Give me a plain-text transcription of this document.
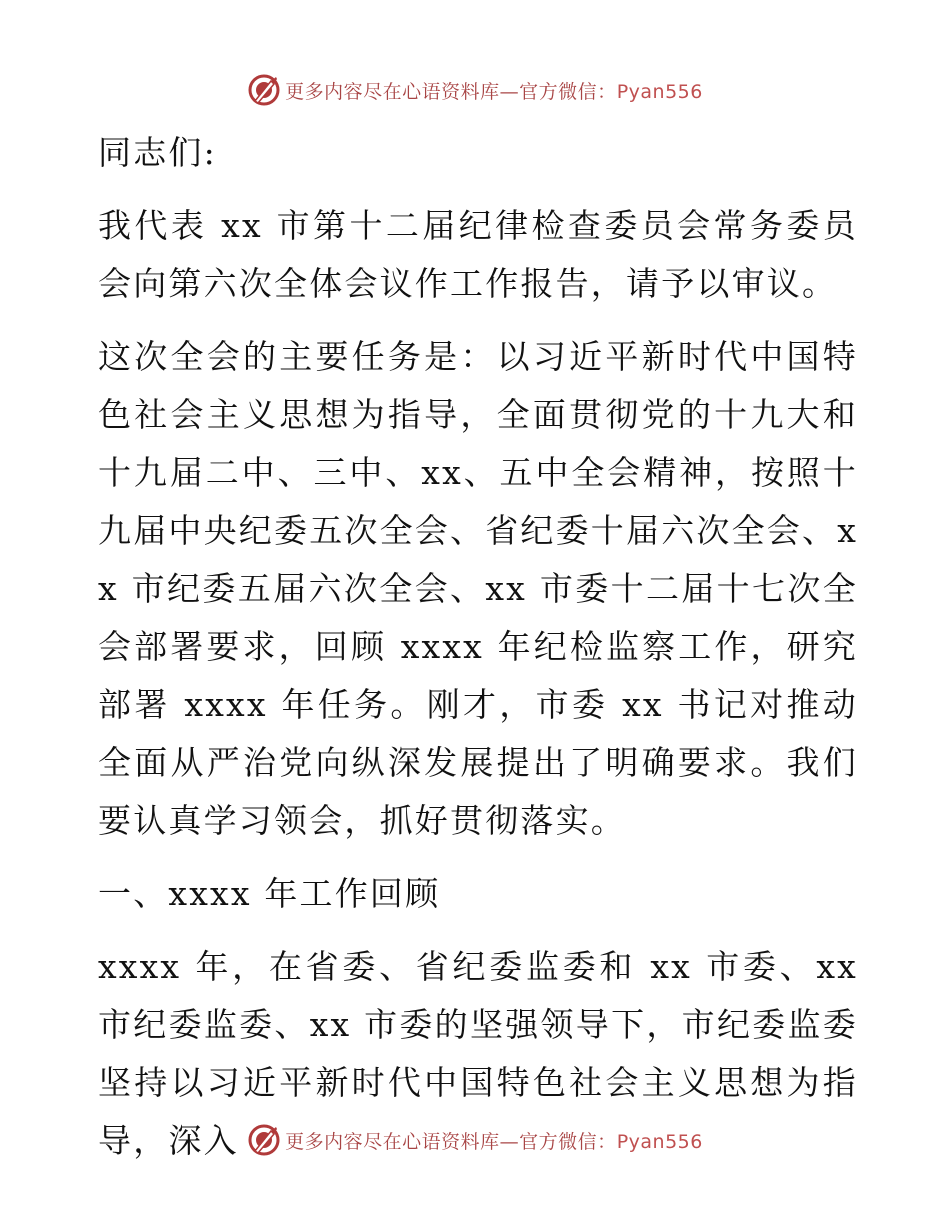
更多内容尽在心语资料库—官方微信：Pyan556

同志们:

我代表 xx 市第十二届纪律检查委员会常务委员会向第六次全体会议作工作报告，请予以审议。

这次全会的主要任务是：以习近平新时代中国特色社会主义思想为指导，全面贯彻党的十九大和十九届二中、三中、xx、五中全会精神，按照十九届中央纪委五次全会、省纪委十届六次全会、xx 市纪委五届六次全会、xx 市委十二届十七次全会部署要求，回顾 xxxx 年纪检监察工作，研究部署 xxxx 年任务。刚才，市委 xx 书记对推动全面从严治党向纵深发展提出了明确要求。我们要认真学习领会，抓好贯彻落实。

一、xxxx 年工作回顾

xxxx 年，在省委、省纪委监委和 xx 市委、xx 市纪委监委、xx 市委的坚强领导下，市纪委监委坚持以习近平新时代中国特色社会主义思想为指导，深入	更多内容尽在心语资料库—官方微信：Pyan556
